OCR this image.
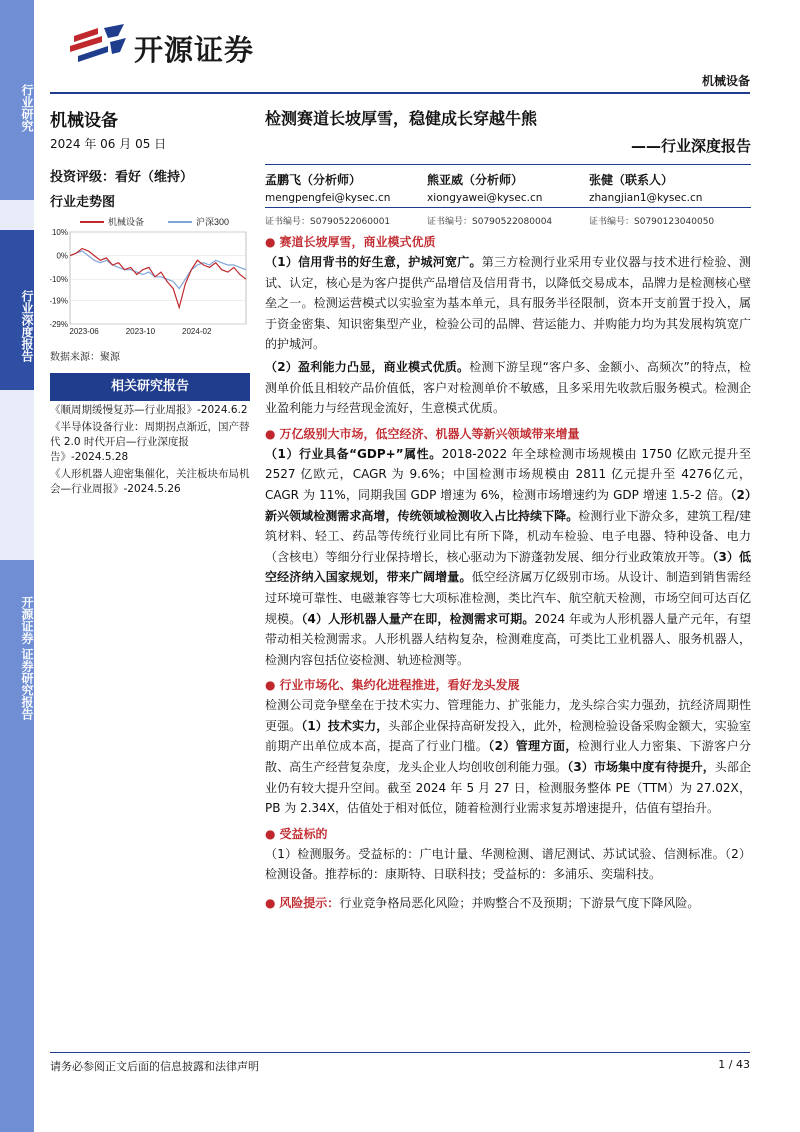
行业研究
行业深度报告
开源证券 证券研究报告
开源证券
机械设备
机械设备
2024 年 06 月 05 日
投资评级：看好（维持）
行业走势图
10%
0%
-10%
-19%
-29%
2023-06	2023-10	2024-02
机械设备	沪深300
数据来源：聚源
相关研究报告
《顺周期缓慢复苏—行业周报》-2024.6.2
《半导体设备行业：周期拐点渐近，国产替代 2.0 时代开启—行业深度报告》-2024.5.28
《人形机器人迎密集催化，关注板块布局机会—行业周报》-2024.5.26
检测赛道长坡厚雪，稳健成长穿越牛熊
——行业深度报告
孟鹏飞（分析师）
mengpengfei@kysec.cn
证书编号：S0790522060001
熊亚威（分析师）
xiongyawei@kysec.cn
证书编号：S0790522080004
张健（联系人）
zhangjian1@kysec.cn
证书编号：S0790123040050
● 赛道长坡厚雪，商业模式优质

（1）信用背书的好生意，护城河宽广。第三方检测行业采用专业仪器与技术进行检验、测试、认定，核心是为客户提供产品增信及信用背书，以降低交易成本，品牌力是检测核心壁垒之一。检测运营模式以实验室为基本单元，具有服务半径限制，资本开支前置于投入，属于资金密集、知识密集型产业，检验公司的品牌、营运能力、并购能力均为其发展构筑宽广的护城河。

（2）盈利能力凸显，商业模式优质。检测下游呈现“客户多、金额小、高频次”的特点，检测单价低且相较产品价值低，客户对检测单价不敏感，且多采用先收款后服务模式。检测企业盈利能力与经营现金流好，生意模式优质。

● 万亿级别大市场，低空经济、机器人等新兴领域带来增量

（1）行业具备“GDP+”属性。2018-2022 年全球检测市场规模由 1750 亿欧元提升至 2527 亿欧元，CAGR 为 9.6%；中国检测市场规模由 2811 亿元提升至 4276亿元，CAGR 为 11%，同期我国 GDP 增速为 6%，检测市场增速约为 GDP 增速 1.5-2 倍。（2）新兴领域检测需求高增，传统领域检测收入占比持续下降。检测行业下游众多，建筑工程/建筑材料、轻工、药品等传统行业同比有所下降，机动车检验、电子电器、特种设备、电力（含核电）等细分行业保持增长，核心驱动为下游蓬勃发展、细分行业政策放开等。（3）低空经济纳入国家规划，带来广阔增量。低空经济属万亿级别市场。从设计、制造到销售需经过环境可靠性、电磁兼容等七大项标准检测，类比汽车、航空航天检测，市场空间可达百亿规模。（4）人形机器人量产在即，检测需求可期。2024 年或为人形机器人量产元年，有望带动相关检测需求。人形机器人结构复杂，检测难度高，可类比工业机器人、服务机器人，检测内容包括位姿检测、轨迹检测等。

● 行业市场化、集约化进程推进，看好龙头发展

检测公司竞争壁垒在于技术实力、管理能力、扩张能力，龙头综合实力强劲，抗经济周期性更强。（1）技术实力，头部企业保持高研发投入，此外，检测检验设备采购金额大，实验室前期产出单位成本高，提高了行业门槛。（2）管理方面，检测行业人力密集、下游客户分散、高生产经营复杂度，龙头企业人均创收创利能力强。（3）市场集中度有待提升，头部企业仍有较大提升空间。截至 2024 年 5 月 27 日，检测服务整体 PE（TTM）为 27.02X，PB 为 2.34X，估值处于相对低位，随着检测行业需求复苏增速提升，估值有望抬升。

● 受益标的

（1）检测服务。受益标的：广电计量、华测检测、谱尼测试、苏试试验、信测标准。（2）检测设备。推荐标的：康斯特、日联科技；受益标的：多浦乐、奕瑞科技。

● 风险提示：行业竞争格局恶化风险；并购整合不及预期；下游景气度下降风险。
请务必参阅正文后面的信息披露和法律声明	1 / 43
